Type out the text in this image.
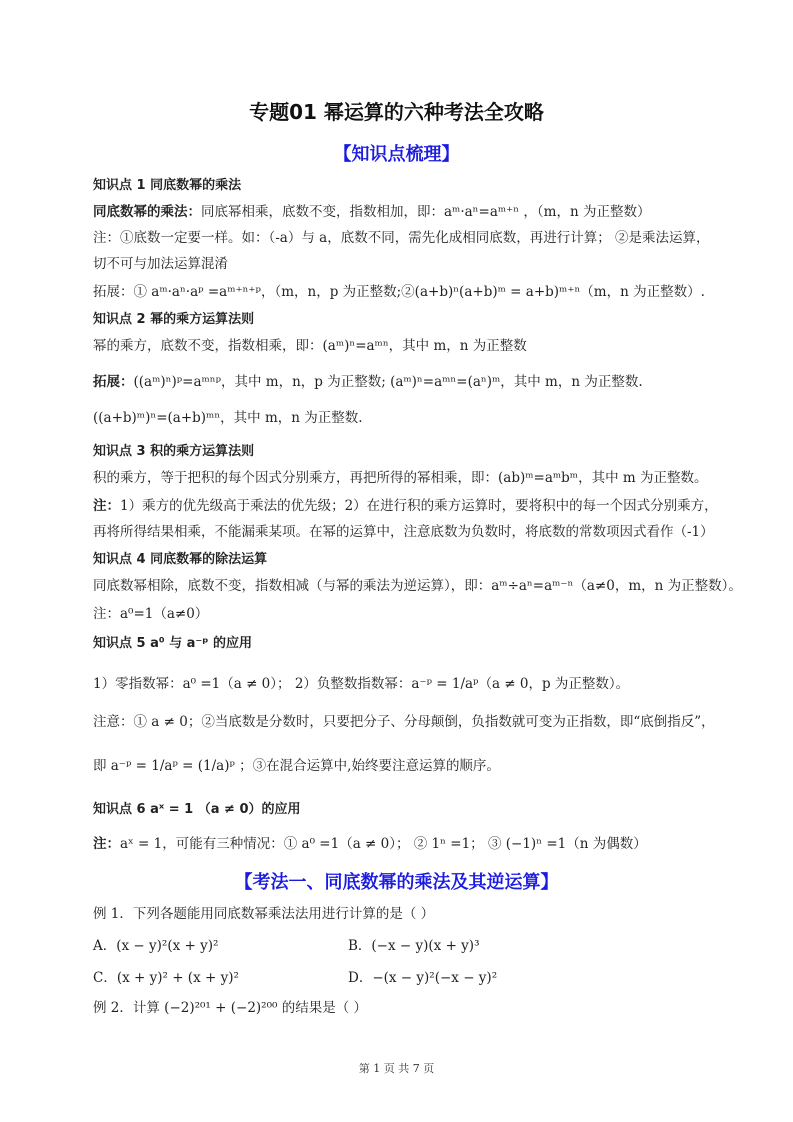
专题01 幂运算的六种考法全攻略
【知识点梳理】
知识点 1 同底数幂的乘法
同底数幂的乘法：同底幂相乘，底数不变，指数相加，即：aᵐ·aⁿ=aᵐ⁺ⁿ ，（m，n 为正整数）
注：①底数一定要一样。如：（-a）与 a，底数不同，需先化成相同底数，再进行计算； ②是乘法运算，
切不可与加法运算混淆
拓展：① aᵐ·aⁿ·aᵖ =aᵐ⁺ⁿ⁺ᵖ，（m，n，p 为正整数;②(a+b)ⁿ(a+b)ᵐ = a+b)ᵐ⁺ⁿ（m，n 为正整数）.
知识点 2 幂的乘方运算法则
幂的乘方，底数不变，指数相乘，即：(aᵐ)ⁿ=aᵐⁿ，其中 m，n 为正整数
拓展：((aᵐ)ⁿ)ᵖ=aᵐⁿᵖ，其中 m，n，p 为正整数; (aᵐ)ⁿ=aᵐⁿ=(aⁿ)ᵐ，其中 m，n 为正整数.
((a+b)ᵐ)ⁿ=(a+b)ᵐⁿ，其中 m，n 为正整数.
知识点 3 积的乘方运算法则
积的乘方，等于把积的每个因式分别乘方，再把所得的幂相乘，即：(ab)ᵐ=aᵐbᵐ，其中 m 为正整数。
注：1）乘方的优先级高于乘法的优先级；2）在进行积的乘方运算时，要将积中的每一个因式分别乘方，
再将所得结果相乘，不能漏乘某项。在幂的运算中，注意底数为负数时，将底数的常数项因式看作（-1）
知识点 4 同底数幂的除法运算
同底数幂相除，底数不变，指数相减（与幂的乘法为逆运算），即：aᵐ÷aⁿ=aᵐ⁻ⁿ（a≠0，m，n 为正整数）。
注：a⁰=1（a≠0）
知识点 5 a⁰ 与 a⁻ᵖ 的应用
1）零指数幂：a⁰ =1（a ≠ 0）； 2）负整数指数幂：a⁻ᵖ = 1/aᵖ（a ≠ 0，p 为正整数）。
注意：① a ≠ 0；②当底数是分数时，只要把分子、分母颠倒，负指数就可变为正指数，即“底倒指反”，
即 a⁻ᵖ = 1/aᵖ = (1/a)ᵖ ；③在混合运算中,始终要注意运算的顺序。
知识点 6 aˣ = 1 （a ≠ 0）的应用
注：aˣ = 1，可能有三种情况：① a⁰ =1（a ≠ 0）； ② 1ⁿ =1； ③ (−1)ⁿ =1（n 为偶数）
【考法一、同底数幂的乘法及其逆运算】
例 1．下列各题能用同底数幂乘法法用进行计算的是（ ）
A．(x − y)²(x + y)²	B．(−x − y)(x + y)³
C．(x + y)² + (x + y)²	D．−(x − y)²(−x − y)²
例 2．计算 (−2)²⁰¹ + (−2)²⁰⁰ 的结果是（ ）
第 1 页 共 7 页
